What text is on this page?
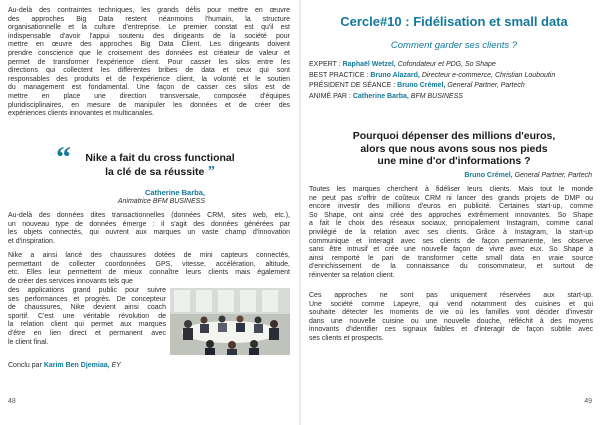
Au-delà des contraintes techniques, les grands défis pour mettre en œuvre
des approches Big Data restent néanmoins l'humain, la structure
organisationnelle et la culture d'entreprise. Le premier constat est qu'il est
indispensable d'avoir l'appui soutenu des dirigeants de la société pour
mettre en œuvre des approches Big Data Client. Les dirigeants doivent
prendre conscience que le croisement des données est créateur de valeur et
permet de transformer l'expérience client. Pour casser les silos entre les
directions qui collectent les différentes bribes de data et ceux qui sont
responsables des produits et de l'expérience client, la volonté et le soutien
du management est fondamental. Une façon de casser ces silos est de
mettre en place une direction transversale, composée d'équipes
pluridisciplinaires, en mesure de manipuler les données et de créer des
expériences clients innovantes et multicanales.
“	Nike a fait du cross functional
la clé de sa réussite ”
Catherine Barba,
Animatrice BFM BUSINESS
Au-delà des données dites transactionnelles (données CRM, sites web, etc.),
un nouveau type de données émerge : il s'agit des données générées par
les objets connectés, qui ouvrent aux marques un vaste champ d'innovation
et d'inspiration.
Nike a ainsi lancé des chaussures dotées de mini capteurs connectés,
permettant de collecter coordonnées GPS, vitesse, accélération, altitude,
etc. Elles leur permettent de mieux connaître leurs clients mais également
de créer des services innovants tels que
des applications grand public pour suivre
ses performances et progrès. De concepteur
de chaussures, Nike devient ainsi coach
sportif. C'est une véritable révolution de
la relation client qui permet aux marques
d'être en lien direct et permanent avec
le client final.
Conclu par Karim Ben Djemiaa, EY
48
Cercle#10 : Fidélisation et small data
Comment garder ses clients ?
EXPERT : Raphaël Wetzel, Cofondateur et PDG, So Shape
BEST PRACTICE : Bruno Alazard, Directeur e-commerce, Christian Louboutin
PRÉSIDENT DE SÉANCE : Bruno Crémel, General Partner, Partech
ANIMÉ PAR : Catherine Barba, BFM BUSINESS
Pourquoi dépenser des millions d'euros,
alors que nous avons sous nos pieds
une mine d'or d'informations ?
Bruno Crémel, General Partner, Partech
Toutes les marques cherchent à fidéliser leurs clients. Mais tout le monde
ne peut pas s'offrir de coûteux CRM ni lancer des grands projets de DMP ou
encore investir des millions d'euros en publicité. Certaines start-up, comme
So Shape, ont ainsi créé des approches extrêmement innovantes. So Shape
a fait le choix des réseaux sociaux, principalement Instagram, comme canal
privilégié de la relation avec ses clients. Grâce à Instagram, la start-up
communique et interagit avec ses clients de façon permanente, les observe
sans être intrusif et crée une nouvelle façon de vivre avec eux. So Shape a
ainsi remporté le pari de transformer cette small data en vraie source
d'enrichissement de la connaissance du consommateur, et surtout de
réinventer sa relation client.
Ces approches ne sont pas uniquement réservées aux start-up.
Une société comme Lapeyre, qui vend notamment des cuisines et qui
souhaite détecter les moments de vie où les familles vont décider d'investir
dans une nouvelle cuisine ou une nouvelle douche, réfléchit à des moyens
innovants d'identifier ces signaux faibles et d'interagir de façon subtile avec
ses clients et prospects.
49
